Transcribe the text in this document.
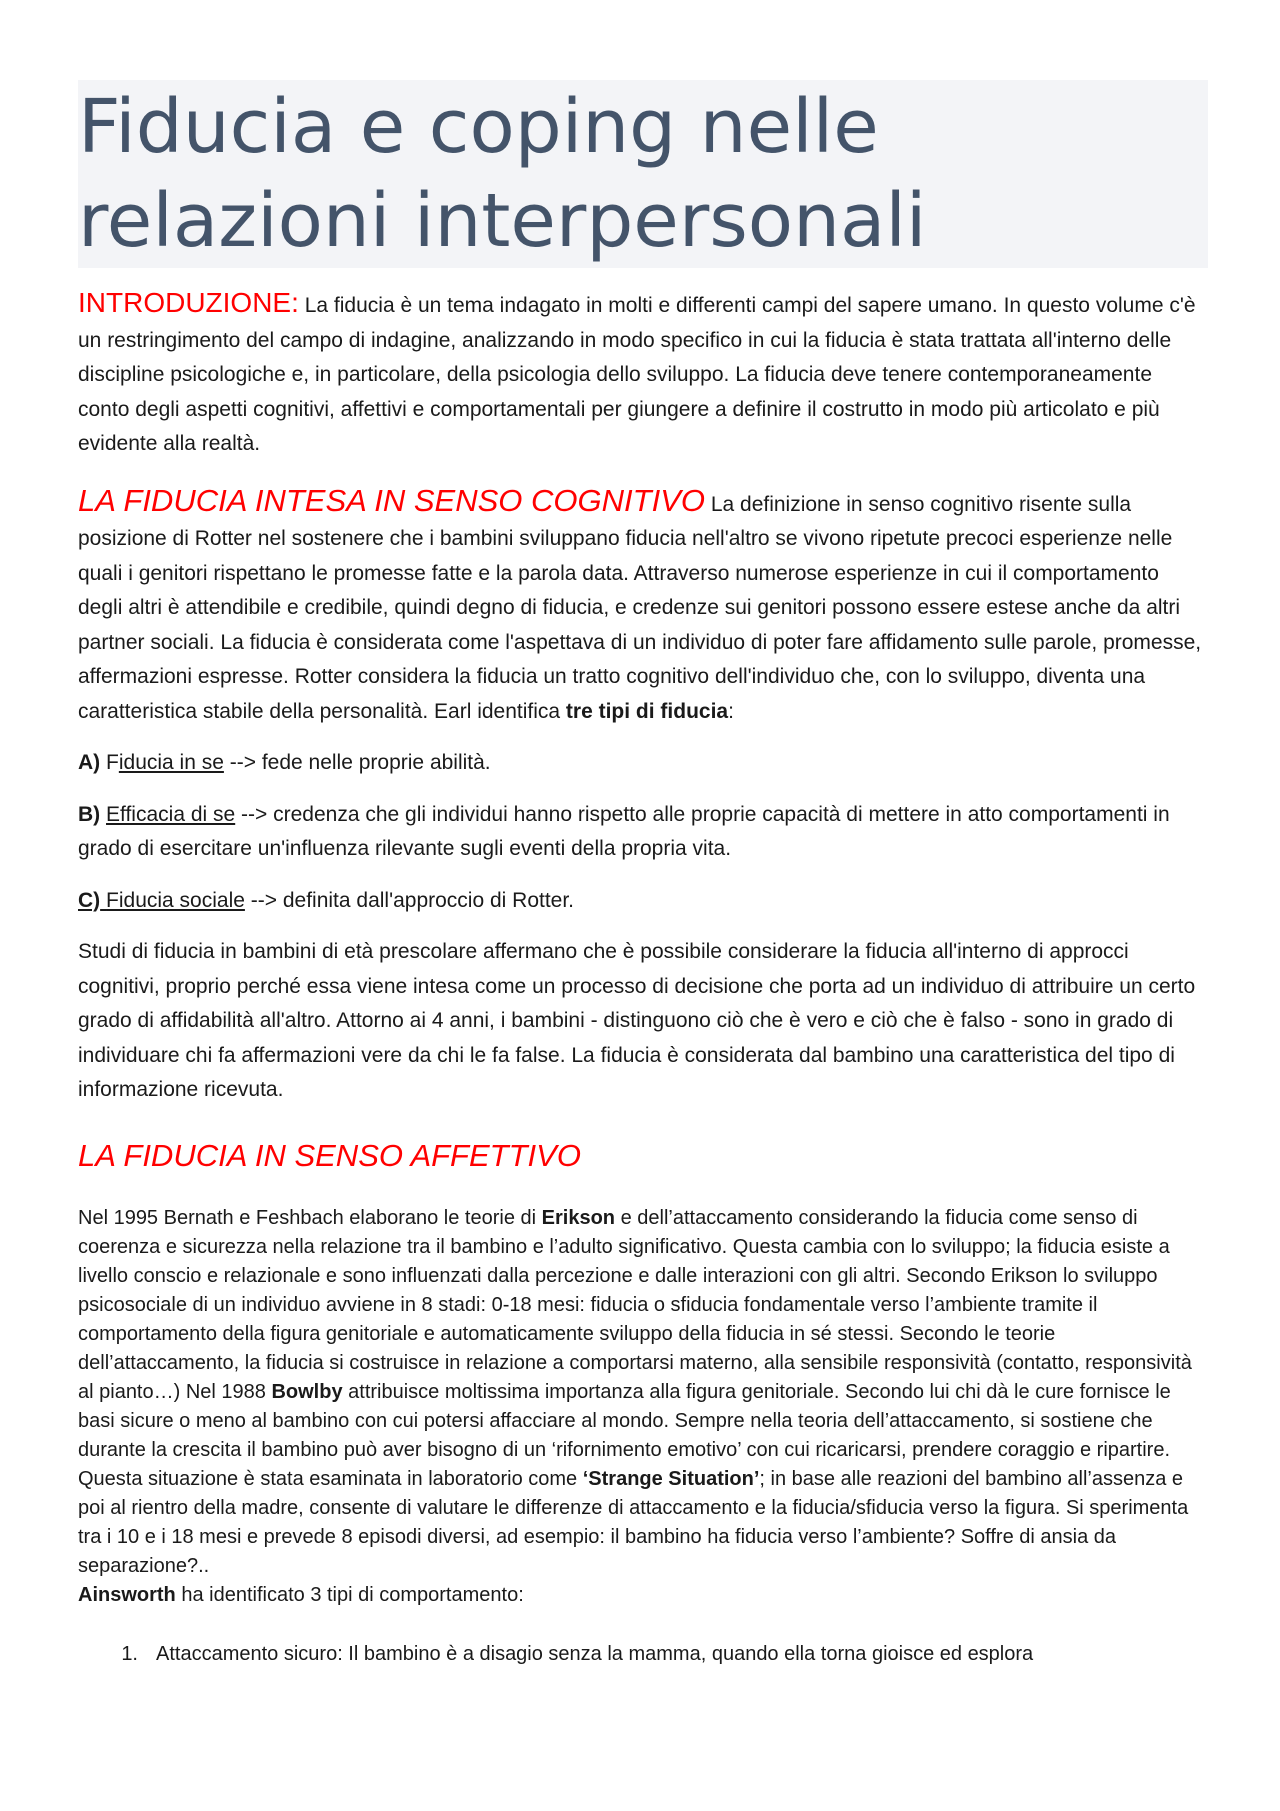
Fiducia e coping nelle relazioni interpersonali

INTRODUZIONE: La fiducia è un tema indagato in molti e differenti campi del sapere umano. In questo volume c'è un restringimento del campo di indagine, analizzando in modo specifico in cui la fiducia è stata trattata all'interno delle discipline psicologiche e, in particolare, della psicologia dello sviluppo. La fiducia deve tenere contemporaneamente conto degli aspetti cognitivi, affettivi e comportamentali per giungere a definire il costrutto in modo più articolato e più evidente alla realtà.

LA FIDUCIA INTESA IN SENSO COGNITIVO La definizione in senso cognitivo risente sulla posizione di Rotter nel sostenere che i bambini sviluppano fiducia nell'altro se vivono ripetute precoci esperienze nelle quali i genitori rispettano le promesse fatte e la parola data. Attraverso numerose esperienze in cui il comportamento degli altri è attendibile e credibile, quindi degno di fiducia, e credenze sui genitori possono essere estese anche da altri partner sociali. La fiducia è considerata come l'aspettava di un individuo di poter fare affidamento sulle parole, promesse, affermazioni espresse. Rotter considera la fiducia un tratto cognitivo dell'individuo che, con lo sviluppo, diventa una caratteristica stabile della personalità. Earl identifica tre tipi di fiducia:

A) Fiducia in se --> fede nelle proprie abilità.

B) Efficacia di se --> credenza che gli individui hanno rispetto alle proprie capacità di mettere in atto comportamenti in grado di esercitare un'influenza rilevante sugli eventi della propria vita.

C) Fiducia sociale --> definita dall'approccio di Rotter.

Studi di fiducia in bambini di età prescolare affermano che è possibile considerare la fiducia all'interno di approcci cognitivi, proprio perché essa viene intesa come un processo di decisione che porta ad un individuo di attribuire un certo grado di affidabilità all'altro. Attorno ai 4 anni, i bambini - distinguono ciò che è vero e ciò che è falso - sono in grado di individuare chi fa affermazioni vere da chi le fa false. La fiducia è considerata dal bambino una caratteristica del tipo di informazione ricevuta.

LA FIDUCIA IN SENSO AFFETTIVO

Nel 1995 Bernath e Feshbach elaborano le teorie di Erikson e dell’attaccamento considerando la fiducia come senso di coerenza e sicurezza nella relazione tra il bambino e l’adulto significativo. Questa cambia con lo sviluppo; la fiducia esiste a livello conscio e relazionale e sono influenzati dalla percezione e dalle interazioni con gli altri. Secondo Erikson lo sviluppo psicosociale di un individuo avviene in 8 stadi: 0-18 mesi: fiducia o sfiducia fondamentale verso l’ambiente tramite il comportamento della figura genitoriale e automaticamente sviluppo della fiducia in sé stessi. Secondo le teorie dell’attaccamento, la fiducia si costruisce in relazione a comportarsi materno, alla sensibile responsività (contatto, responsività al pianto…) Nel 1988 Bowlby attribuisce moltissima importanza alla figura genitoriale. Secondo lui chi dà le cure fornisce le basi sicure o meno al bambino con cui potersi affacciare al mondo. Sempre nella teoria dell’attaccamento, si sostiene che durante la crescita il bambino può aver bisogno di un ‘rifornimento emotivo’ con cui ricaricarsi, prendere coraggio e ripartire. Questa situazione è stata esaminata in laboratorio come ‘Strange Situation’; in base alle reazioni del bambino all’assenza e poi al rientro della madre, consente di valutare le differenze di attaccamento e la fiducia/sfiducia verso la figura. Si sperimenta tra i 10 e i 18 mesi e prevede 8 episodi diversi, ad esempio: il bambino ha fiducia verso l’ambiente? Soffre di ansia da separazione?..
Ainsworth ha identificato 3 tipi di comportamento:

1. Attaccamento sicuro: Il bambino è a disagio senza la mamma, quando ella torna gioisce ed esplora
